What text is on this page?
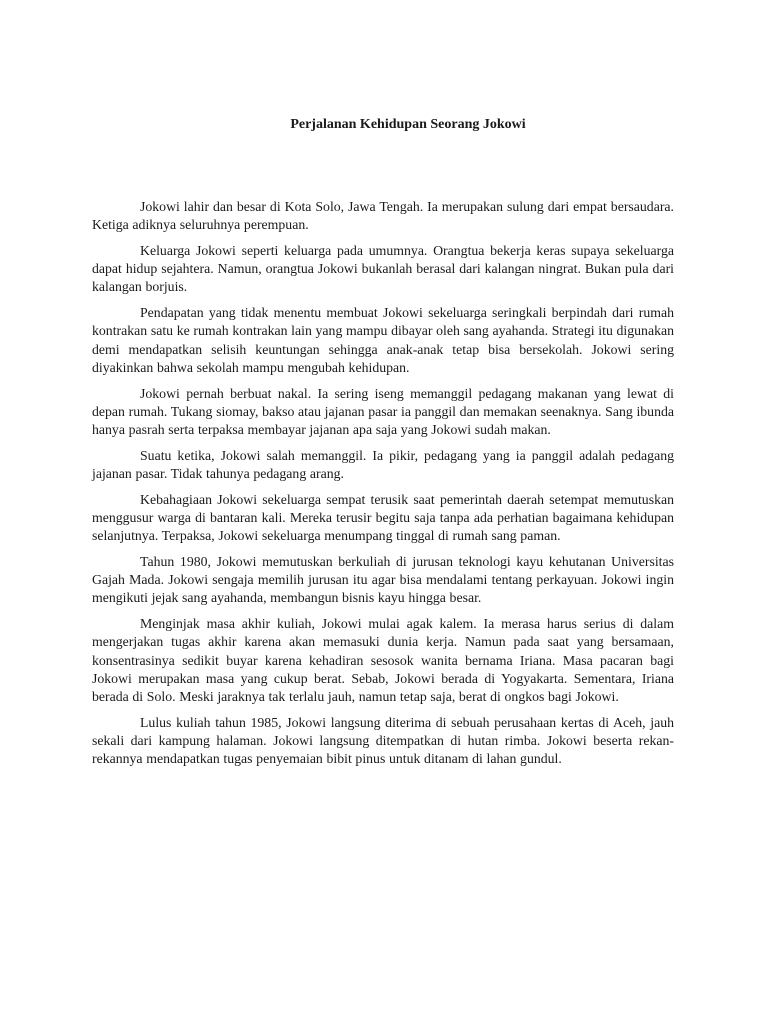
Perjalanan Kehidupan Seorang Jokowi

Jokowi lahir dan besar di Kota Solo, Jawa Tengah. Ia merupakan sulung dari empat bersaudara. Ketiga adiknya seluruhnya perempuan.

Keluarga Jokowi seperti keluarga pada umumnya. Orangtua bekerja keras supaya sekeluarga dapat hidup sejahtera. Namun, orangtua Jokowi bukanlah berasal dari kalangan ningrat. Bukan pula dari kalangan borjuis.

Pendapatan yang tidak menentu membuat Jokowi sekeluarga seringkali berpindah dari rumah kontrakan satu ke rumah kontrakan lain yang mampu dibayar oleh sang ayahanda. Strategi itu digunakan demi mendapatkan selisih keuntungan sehingga anak-anak tetap bisa bersekolah. Jokowi sering diyakinkan bahwa sekolah mampu mengubah kehidupan.

Jokowi pernah berbuat nakal. Ia sering iseng memanggil pedagang makanan yang lewat di depan rumah. Tukang siomay, bakso atau jajanan pasar ia panggil dan memakan seenaknya. Sang ibunda hanya pasrah serta terpaksa membayar jajanan apa saja yang Jokowi sudah makan.

Suatu ketika, Jokowi salah memanggil. Ia pikir, pedagang yang ia panggil adalah pedagang jajanan pasar. Tidak tahunya pedagang arang.

Kebahagiaan Jokowi sekeluarga sempat terusik saat pemerintah daerah setempat memutuskan menggusur warga di bantaran kali. Mereka terusir begitu saja tanpa ada perhatian bagaimana kehidupan selanjutnya. Terpaksa, Jokowi sekeluarga menumpang tinggal di rumah sang paman.

Tahun 1980, Jokowi memutuskan berkuliah di jurusan teknologi kayu kehutanan Universitas Gajah Mada. Jokowi sengaja memilih jurusan itu agar bisa mendalami tentang perkayuan. Jokowi ingin mengikuti jejak sang ayahanda, membangun bisnis kayu hingga besar.

Menginjak masa akhir kuliah, Jokowi mulai agak kalem. Ia merasa harus serius di dalam mengerjakan tugas akhir karena akan memasuki dunia kerja. Namun pada saat yang bersamaan, konsentrasinya sedikit buyar karena kehadiran sesosok wanita bernama Iriana. Masa pacaran bagi Jokowi merupakan masa yang cukup berat. Sebab, Jokowi berada di Yogyakarta. Sementara, Iriana berada di Solo. Meski jaraknya tak terlalu jauh, namun tetap saja, berat di ongkos bagi Jokowi.

Lulus kuliah tahun 1985, Jokowi langsung diterima di sebuah perusahaan kertas di Aceh, jauh sekali dari kampung halaman. Jokowi langsung ditempatkan di hutan rimba. Jokowi beserta rekan-rekannya mendapatkan tugas penyemaian bibit pinus untuk ditanam di lahan gundul.
